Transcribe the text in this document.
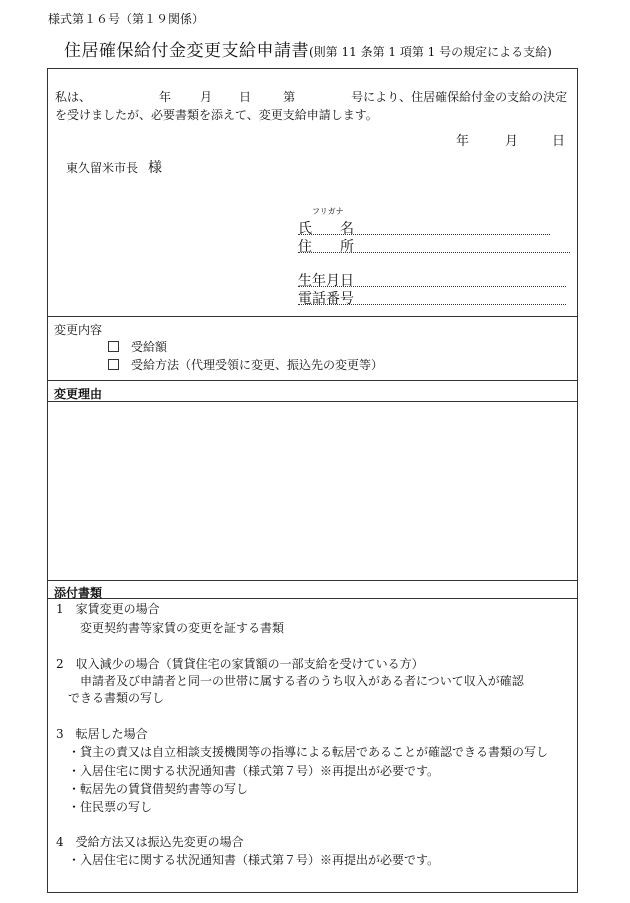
様式第１６号（第１９関係）
住居確保給付金変更支給申請書(則第 11 条第 1 項第 1 号の規定による支給)
私は、	年 月 日	第	号により、住居確保給付金の支給の決定
を受けましたが、必要書類を添えて、変更支給申請します。
年	月	日
東久留米市長 様
フリガナ
氏　　名
住　　所
生年月日
電話番号
変更内容
受給額
受給方法（代理受領に変更、振込先の変更等）
変更理由
添付書類
1　家賃変更の場合
　　変更契約書等家賃の変更を証する書類
2　収入減少の場合（賃貸住宅の家賃額の一部支給を受けている方）
　　申請者及び申請者と同一の世帯に属する者のうち収入がある者について収入が確認
　できる書類の写し
3　転居した場合
　・貸主の責又は自立相談支援機関等の指導による転居であることが確認できる書類の写し
　・入居住宅に関する状況通知書（様式第７号）※再提出が必要です。
　・転居先の賃貸借契約書等の写し
　・住民票の写し
4　受給方法又は振込先変更の場合
　・入居住宅に関する状況通知書（様式第７号）※再提出が必要です。
